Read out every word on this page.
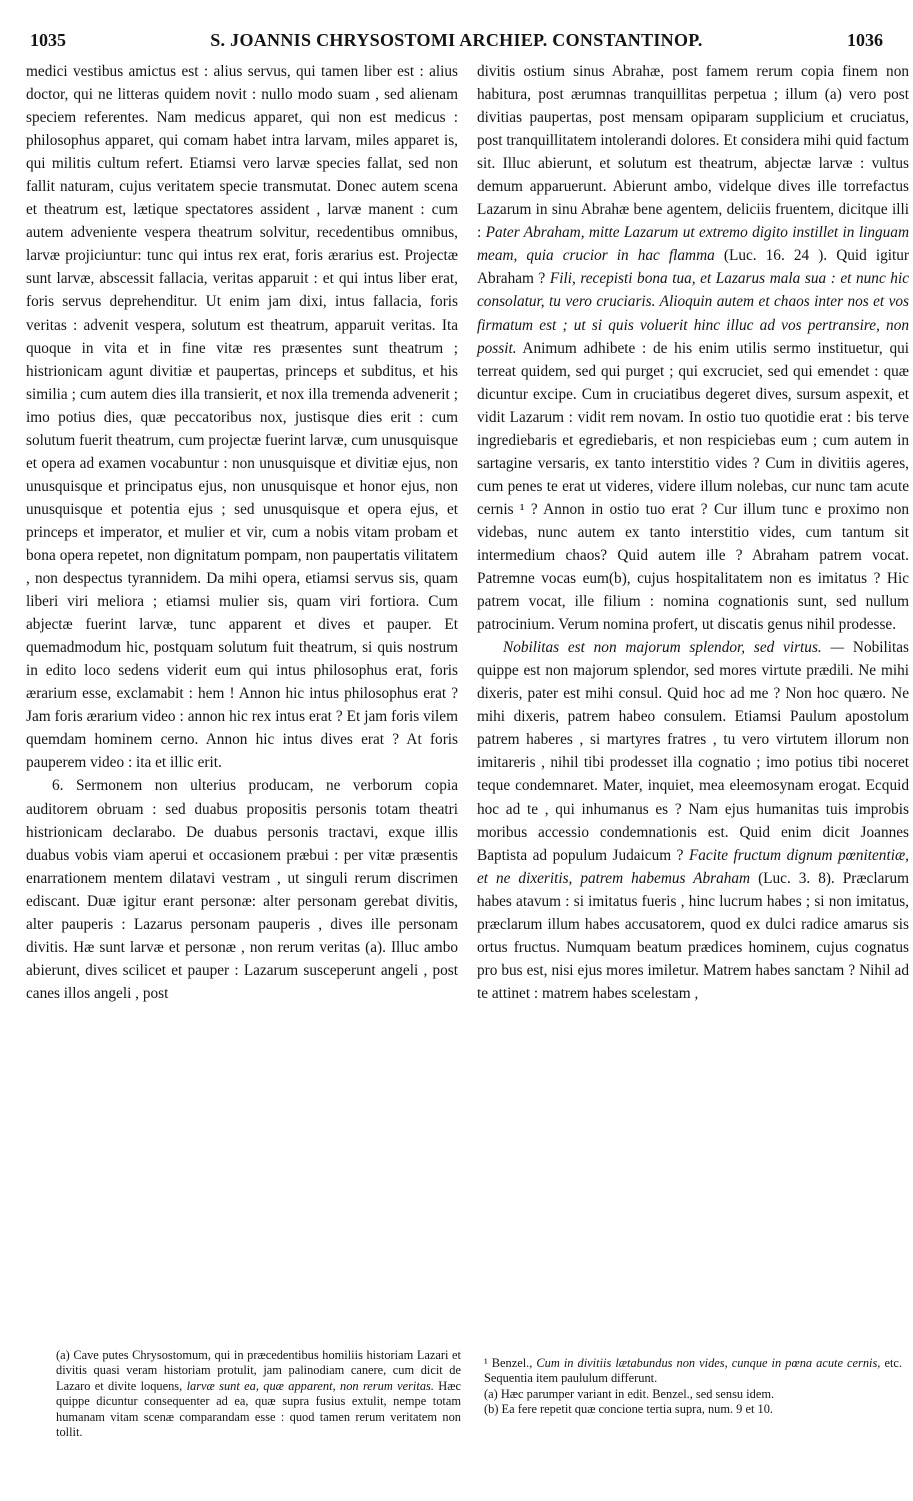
1035	S. JOANNIS CHRYSOSTOMI ARCHIEP. CONSTANTINOP.	1036

medici vestibus amictus est : alius servus, qui tamen liber est : alius doctor, qui ne litteras quidem novit : nullo modo suam , sed alienam speciem referentes. Nam medicus apparet, qui non est medicus : philosophus apparet, qui comam habet intra larvam, miles apparet is, qui militis cultum refert. Etiamsi vero larvæ species fallat, sed non fallit naturam, cujus veritatem specie transmutat. Donec autem scena et theatrum est, lætique spectatores assident , larvæ manent : cum autem adveniente vespera theatrum solvitur, recedentibus omnibus, larvæ projiciuntur: tunc qui intus rex erat, foris ærarius est. Projectæ sunt larvæ, abscessit fallacia, veritas apparuit : et qui intus liber erat, foris servus deprehenditur. Ut enim jam dixi, intus fallacia, foris veritas : advenit vespera, solutum est theatrum, apparuit veritas. Ita quoque in vita et in fine vitæ res præsentes sunt theatrum ; histrionicam agunt divitiæ et paupertas, princeps et subditus, et his similia ; cum autem dies illa transierit, et nox illa tremenda advenerit ; imo potius dies, quæ peccatoribus nox, justisque dies erit : cum solutum fuerit theatrum, cum projectæ fuerint larvæ, cum unusquisque et opera ad examen vocabuntur : non unusquisque et divitiæ ejus, non unusquisque et principatus ejus, non unusquisque et honor ejus, non unusquisque et potentia ejus ; sed unusquisque et opera ejus, et princeps et imperator, et mulier et vir, cum a nobis vitam probam et bona opera repetet, non dignitatum pompam, non paupertatis vilitatem , non despectus tyrannidem. Da mihi opera, etiamsi servus sis, quam liberi viri meliora ; etiamsi mulier sis, quam viri fortiora. Cum abjectæ fuerint larvæ, tunc apparent et dives et pauper. Et quemadmodum hic, postquam solutum fuit theatrum, si quis nostrum in edito loco sedens viderit eum qui intus philosophus erat, foris ærarium esse, exclamabit : hem ! Annon hic intus philosophus erat ? Jam foris ærarium video : annon hic rex intus erat ? Et jam foris vilem quemdam hominem cerno. Annon hic intus dives erat ? At foris pauperem video : ita et illic erit.

6. Sermonem non ulterius producam, ne verborum copia auditorem obruam : sed duabus propositis personis totam theatri histrionicam declarabo. De duabus personis tractavi, exque illis duabus vobis viam aperui et occasionem præbui : per vitæ præsentis enarrationem mentem dilatavi vestram , ut singuli rerum discrimen ediscant. Duæ igitur erant personæ: alter personam gerebat divitis, alter pauperis : Lazarus personam pauperis , dives ille personam divitis. Hæ sunt larvæ et personæ , non rerum veritas (a). Illuc ambo abierunt, dives scilicet et pauper : Lazarum susceperunt angeli , post canes illos angeli , post

divitis ostium sinus Abrahæ, post famem rerum copia finem non habitura, post ærumnas tranquillitas perpetua ; illum (a) vero post divitias paupertas, post mensam opiparam supplicium et cruciatus, post tranquillitatem intolerandi dolores. Et considera mihi quid factum sit. Illuc abierunt, et solutum est theatrum, abjectæ larvæ : vultus demum apparuerunt. Abierunt ambo, videlque dives ille torrefactus Lazarum in sinu Abrahæ bene agentem, deliciis fruentem, dicitque illi : Pater Abraham, mitte Lazarum ut extremo digito instillet in linguam meam, quia crucior in hac flamma (Luc. 16. 24 ). Quid igitur Abraham ? Fili, recepisti bona tua, et Lazarus mala sua : et nunc hic consolatur, tu vero cruciaris. Alioquin autem et chaos inter nos et vos firmatum est ; ut si quis voluerit hinc illuc ad vos pertransire, non possit. Animum adhibete : de his enim utilis sermo instituetur, qui terreat quidem, sed qui purget ; qui excruciet, sed qui emendet : quæ dicuntur excipe. Cum in cruciatibus degeret dives, sursum aspexit, et vidit Lazarum : vidit rem novam. In ostio tuo quotidie erat : bis terve ingrediebaris et egrediebaris, et non respiciebas eum ; cum autem in sartagine versaris, ex tanto interstitio vides ? Cum in divitiis ageres, cum penes te erat ut videres, videre illum nolebas, cur nunc tam acute cernis ¹ ? Annon in ostio tuo erat ? Cur illum tunc e proximo non videbas, nunc autem ex tanto interstitio vides, cum tantum sit intermedium chaos? Quid autem ille ? Abraham patrem vocat. Patremne vocas eum(b), cujus hospitalitatem non es imitatus ? Hic patrem vocat, ille filium : nomina cognationis sunt, sed nullum patrocinium. Verum nomina profert, ut discatis genus nihil prodesse.

Nobilitas est non majorum splendor, sed virtus. — Nobilitas quippe est non majorum splendor, sed mores virtute prædili. Ne mihi dixeris, pater est mihi consul. Quid hoc ad me ? Non hoc quæro. Ne mihi dixeris, patrem habeo consulem. Etiamsi Paulum apostolum patrem haberes , si martyres fratres , tu vero virtutem illorum non imitareris , nihil tibi prodesset illa cognatio ; imo potius tibi noceret teque condemnaret. Mater, inquiet, mea eleemosynam erogat. Ecquid hoc ad te , qui inhumanus es ? Nam ejus humanitas tuis improbis moribus accessio condemnationis est. Quid enim dicit Joannes Baptista ad populum Judaicum ? Facite fructum dignum pœnitentiæ, et ne dixeritis, patrem habemus Abraham (Luc. 3. 8). Præclarum habes atavum : si imitatus fueris , hinc lucrum habes ; si non imitatus, præclarum illum habes accusatorem, quod ex dulci radice amarus sis ortus fructus. Numquam beatum prædices hominem, cujus cognatus pro bus est, nisi ejus mores imiletur. Matrem habes sanctam ? Nihil ad te attinet : matrem habes scelestam ,

(a) Cave putes Chrysostomum, qui in præcedentibus homiliis historiam Lazari et divitis quasi veram historiam protulit, jam palinodiam canere, cum dicit de Lazaro et divite loquens, larvæ sunt ea, quæ apparent, non rerum veritas. Hæc quippe dicuntur consequenter ad ea, quæ supra fusius extulit, nempe totam humanam vitam scenæ comparandam esse : quod tamen rerum veritatem non tollit.

¹ Benzel., Cum in divitiis lætabundus non vides, cunque in pœna acute cernis, etc. Sequentia item paululum differunt.

(a) Hæc parumper variant in edit. Benzel., sed sensu idem.

(b) Ea fere repetit quæ concione tertia supra, num. 9 et 10.
